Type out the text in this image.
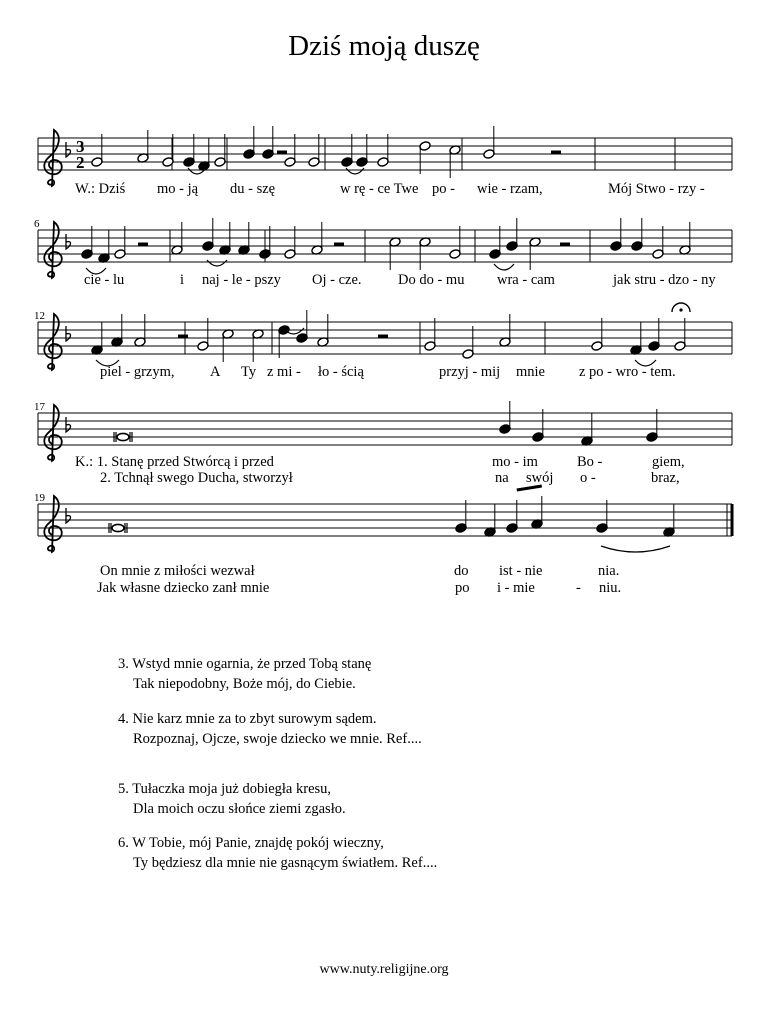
Dziś moją duszę
3
2
6
12
17
19
W.: Dziś mo - ją du - szę	w rę - ce Twe po - wie - rzam,	Mój Stwo - rzy -
cie - lu	i naj - le - pszy Oj - cze.	Do do - mu wra - cam	jak stru - dzo - ny
piel - grzym, A Ty z mi - ło - ścią	przyj - mij mnie z po - wro - tem.
K.: 1. Stanę przed Stwórcą i przed	mo - im	Bo -	giem,
2. Tchnął swego Ducha, stworzył	na swój o -	braz,
On mnie z miłości wezwał	do ist - nie	nia.
Jak własne dziecko zanł mnie	po i - mie	- niu.
3. Wstyd mnie ogarnia, że przed Tobą stanę
Tak niepodobny, Boże mój, do Ciebie.
4. Nie karz mnie za to zbyt surowym sądem.
Rozpoznaj, Ojcze, swoje dziecko we mnie. Ref....
5. Tułaczka moja już dobiegła kresu,
Dla moich oczu słońce ziemi zgasło.
6. W Tobie, mój Panie, znajdę pokój wieczny,
Ty będziesz dla mnie nie gasnącym światłem. Ref....
www.nuty.religijne.org
